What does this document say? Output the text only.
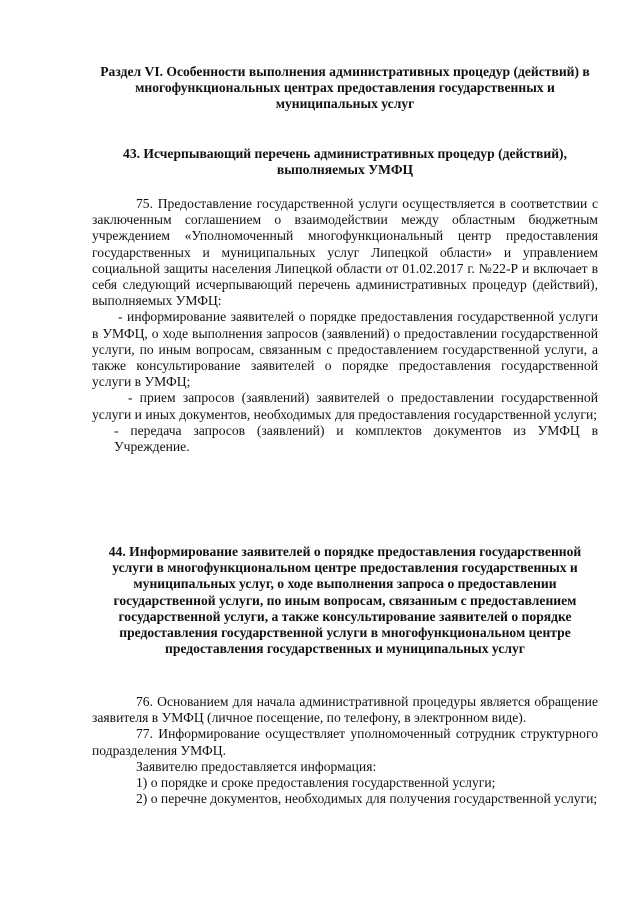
Раздел VI. Особенности выполнения административных процедур (действий) в многофункциональных центрах предоставления государственных и муниципальных услуг
43. Исчерпывающий перечень административных процедур (действий), выполняемых УМФЦ

75. Предоставление государственной услуги осуществляется в соответствии с заключенным соглашением о взаимодействии между областным бюджетным учреждением «Уполномоченный многофункциональный центр предоставления государственных и муниципальных услуг Липецкой области» и управлением социальной защиты населения Липецкой области от 01.02.2017 г. №22-Р и включает в себя следующий исчерпывающий перечень административных процедур (действий), выполняемых УМФЦ:

- информирование заявителей о порядке предоставления государственной услуги в УМФЦ, о ходе выполнения запросов (заявлений) о предоставлении государственной услуги, по иным вопросам, связанным с предоставлением государственной услуги, а также консультирование заявителей о порядке предоставления государственной услуги в УМФЦ;

- прием запросов (заявлений) заявителей о предоставлении государственной услуги и иных документов, необходимых для предоставления государственной услуги;

- передача запросов (заявлений) и комплектов документов из УМФЦ в Учреждение.

44. Информирование заявителей о порядке предоставления государственной услуги в многофункциональном центре предоставления государственных и муниципальных услуг, о ходе выполнения запроса о предоставлении государственной услуги, по иным вопросам, связанным с предоставлением государственной услуги, а также консультирование заявителей о порядке предоставления государственной услуги в многофункциональном центре предоставления государственных и муниципальных услуг

76. Основанием для начала административной процедуры является обращение заявителя в УМФЦ (личное посещение, по телефону, в электронном виде).

77. Информирование осуществляет уполномоченный сотрудник структурного подразделения УМФЦ.

Заявителю предоставляется информация:

1) о порядке и сроке предоставления государственной услуги;

2) о перечне документов, необходимых для получения государственной услуги;
